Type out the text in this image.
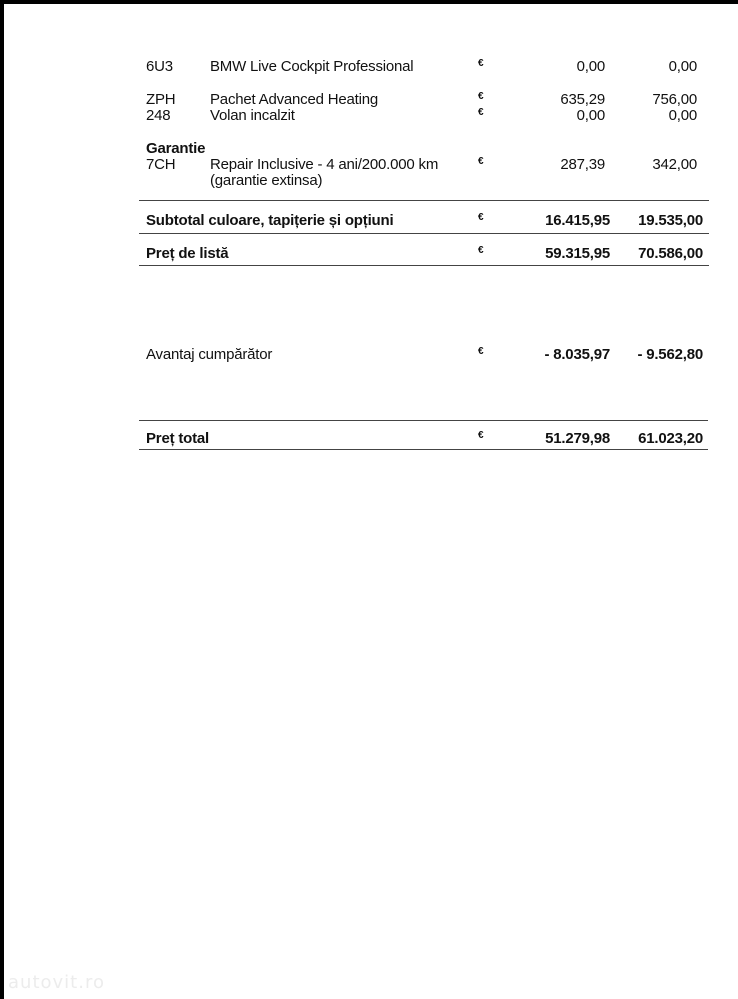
6U3 BMW Live Cockpit Professional	€	0,00	0,00
ZPH Pachet Advanced Heating	€	635,29	756,00
248	Volan incalzit	€	0,00	0,00
Garantie
7CH Repair Inclusive - 4 ani/200.000 km
(garantie extinsa)
€	287,39	342,00
Subtotal culoare, tapițerie și opțiuni	€	16.415,95 19.535,00
Preț de listă	€	59.315,95 70.586,00
Avantaj cumpărător	€	- 8.035,97 - 9.562,80
Preț total	€	51.279,98 61.023,20
autovit.ro
